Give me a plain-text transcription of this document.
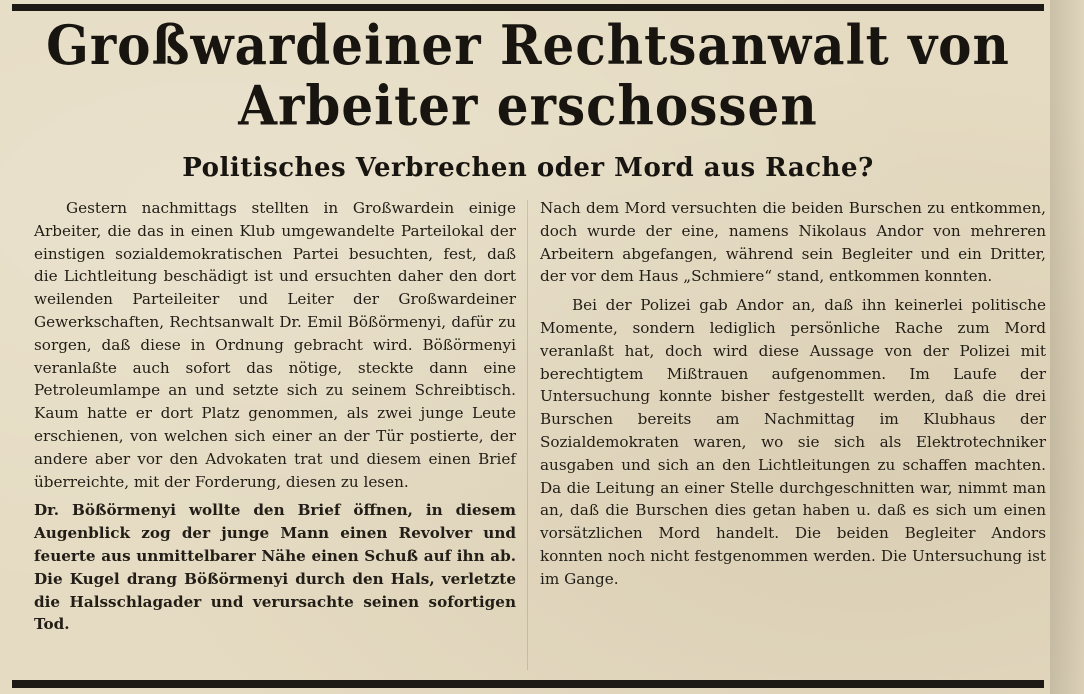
Großwardeiner Rechtsanwalt von Arbeiter erschossen
Politisches Verbrechen oder Mord aus Rache?

Gestern nachmittags stellten in Großwardein einige Arbeiter, die das in einen Klub umgewandelte Parteilokal der einstigen sozialdemokratischen Partei besuchten, fest, daß die Lichtleitung beschädigt ist und ersuchten daher den dort weilenden Parteileiter und Leiter der Großwardeiner Gewerkschaften, Rechtsanwalt Dr. Emil Bößörmenyi, dafür zu sorgen, daß diese in Ordnung gebracht wird. Bößörmenyi veranlaßte auch sofort das nötige, steckte dann eine Petroleumlampe an und setzte sich zu seinem Schreibtisch. Kaum hatte er dort Platz genommen, als zwei junge Leute erschienen, von welchen sich einer an der Tür postierte, der andere aber vor den Advokaten trat und diesem einen Brief überreichte, mit der Forderung, diesen zu lesen.

Dr. Bößörmenyi wollte den Brief öffnen, in diesem Augenblick zog der junge Mann einen Revolver und feuerte aus unmittelbarer Nähe einen Schuß auf ihn ab. Die Kugel drang Bößörmenyi durch den Hals, verletzte die Halsschlagader und verursachte seinen sofortigen Tod.

Nach dem Mord versuchten die beiden Burschen zu entkommen, doch wurde der eine, namens Nikolaus Andor von mehreren Arbeitern abgefangen, während sein Begleiter und ein Dritter, der vor dem Haus „Schmiere“ stand, entkommen konnten.

Bei der Polizei gab Andor an, daß ihn keinerlei politische Momente, sondern lediglich persönliche Rache zum Mord veranlaßt hat, doch wird diese Aussage von der Polizei mit berechtigtem Mißtrauen aufgenommen. Im Laufe der Untersuchung konnte bisher festgestellt werden, daß die drei Burschen bereits am Nachmittag im Klubhaus der Sozialdemokraten waren, wo sie sich als Elektrotechniker ausgaben und sich an den Lichtleitungen zu schaffen machten. Da die Leitung an einer Stelle durchgeschnitten war, nimmt man an, daß die Burschen dies getan haben u. daß es sich um einen vorsätzlichen Mord handelt. Die beiden Begleiter Andors konnten noch nicht festgenommen werden. Die Untersuchung ist im Gange.
